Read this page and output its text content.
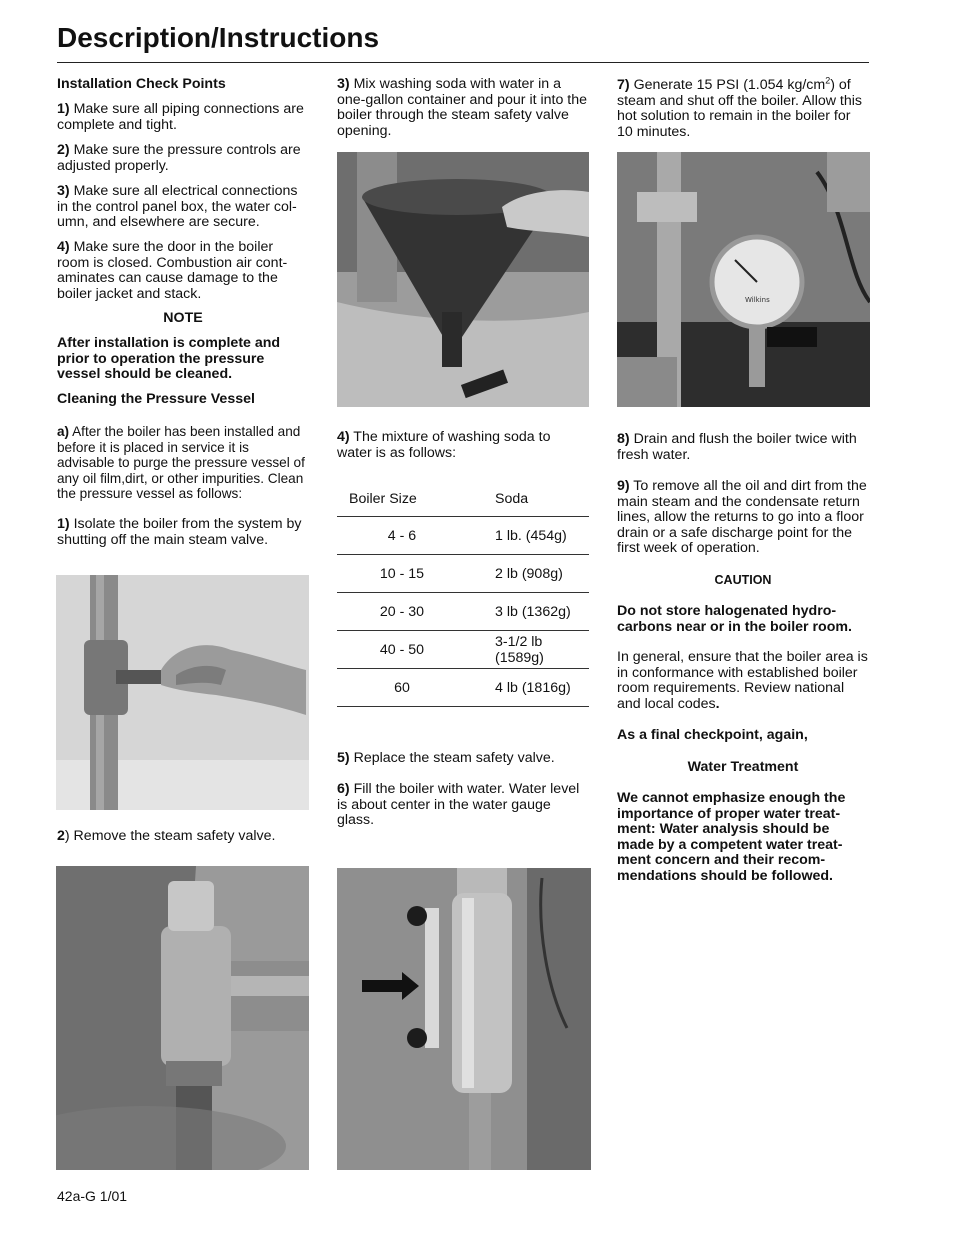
Description/Instructions

Installation Check Points

1) Make sure all piping connections are complete and tight.

2) Make sure the pressure controls are adjusted properly.

3) Make sure all electrical connections in the control panel box, the water col-umn, and elsewhere are secure.

4) Make sure the door in the boiler room is closed. Combustion air cont-aminates can cause damage to the boiler jacket and stack.

NOTE

After installation is complete and prior to operation the pressure vessel should be cleaned.

Cleaning the Pressure Vessel

a) After the boiler has been installed and before it is placed in service it is advisable to purge the pressure vessel of any oil film,dirt, or other impurities. Clean the pressure vessel as follows:

1) Isolate the boiler from the system by shutting off the main steam valve.

2) Remove the steam safety valve.

3) Mix washing soda with water in a one-gallon container and pour it into the boiler through the steam safety valve opening.

4) The mixture of washing soda to water is as follows:

5) Replace the steam safety valve.

6) Fill the boiler with water. Water level is about center in the water gauge glass.

Boiler Size	Soda
4 - 6	1 lb. (454g)
10 - 15	2 lb (908g)
20 - 30	3 lb (1362g)
40 - 50	3-1/2 lb (1589g)
60	4 lb (1816g)

7) Generate 15 PSI (1.054 $kg/cm^2$) of steam and shut off the boiler. Allow this hot solution to remain in the boiler for 10 minutes.

8) Drain and flush the boiler twice with fresh water.

9) To remove all the oil and dirt from the main steam and the condensate return lines, allow the returns to go into a floor drain or a safe discharge point for the first week of operation.

CAUTION

Do not store halogenated hydro-carbons near or in the boiler room.

In general, ensure that the boiler area is in conformance with established boiler room requirements. Review national and local codes.

As a final checkpoint, again,

Water Treatment

We cannot emphasize enough the importance of proper water treat-ment: Water analysis should be made by a competent water treat-ment concern and their recom-mendations should be followed.

Wilkins
42a-G 1/01
